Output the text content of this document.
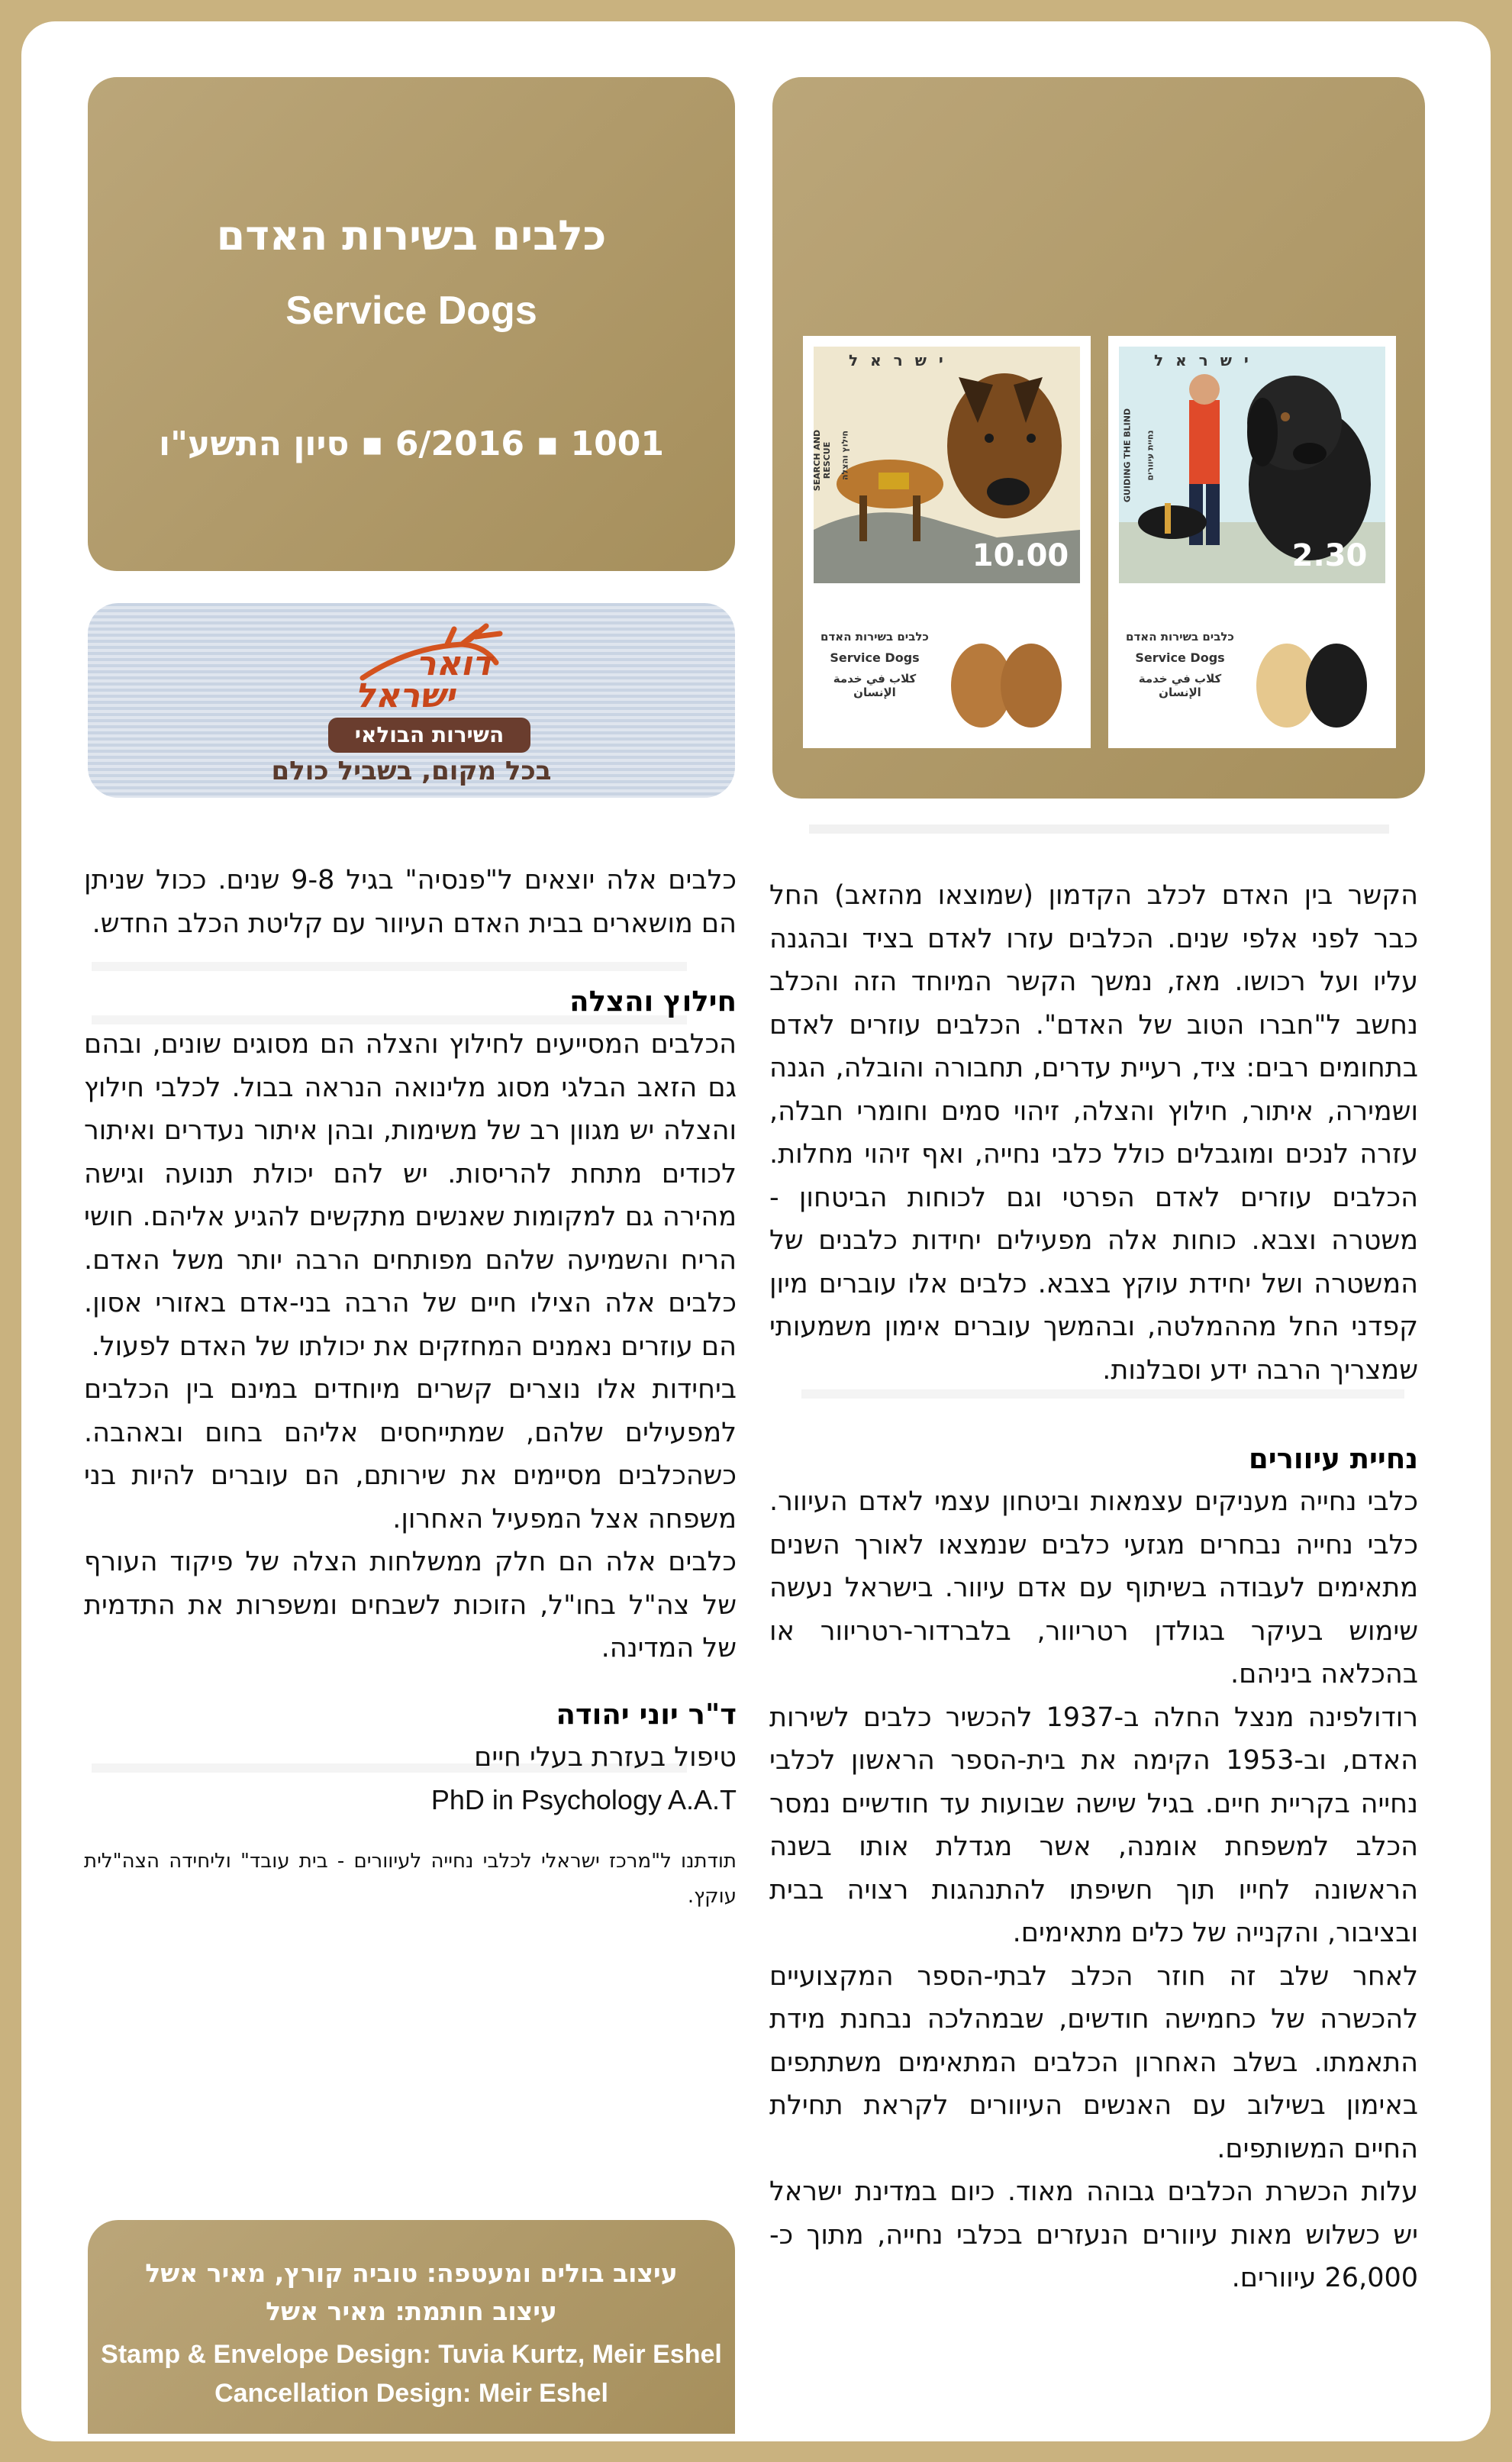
כלבים בשירות האדם
Service Dogs
1001 ▪ 6/2016 ▪ סיון התשע"ו
דואר
ישראל
השירות הבולאי
בכל מקום, בשביל כולם
ישראל
GUIDING THE BLIND נחיית עיוורים
2.30
כלבים בשירות האדם
Service Dogs
كلاب في خدمة الإنسان
ישראל
SEARCH AND RESCUE חילוץ והצלה
10.00
כלבים בשירות האדם
Service Dogs
كلاب في خدمة الإنسان

הקשר בין האדם לכלב הקדמון (שמוצאו מהזאב) החל כבר לפני אלפי שנים. הכלבים עזרו לאדם בציד ובהגנה עליו ועל רכושו. מאז, נמשך הקשר המיוחד הזה והכלב נחשב ל"חברו הטוב של האדם". הכלבים עוזרים לאדם בתחומים רבים: ציד, רעיית עדרים, תחבורה והובלה, הגנה ושמירה, איתור, חילוץ והצלה, זיהוי סמים וחומרי חבלה, עזרה לנכים ומוגבלים כולל כלבי נחייה, ואף זיהוי מחלות. הכלבים עוזרים לאדם הפרטי וגם לכוחות הביטחון - משטרה וצבא. כוחות אלה מפעילים יחידות כלבנים של המשטרה ושל יחידת עוקץ בצבא. כלבים אלו עוברים מיון קפדני החל מההמלטה, ובהמשך עוברים אימון משמעותי שמצריך הרבה ידע וסבלנות.

נחיית עיוורים

כלבי נחייה מעניקים עצמאות וביטחון עצמי לאדם העיוור. כלבי נחייה נבחרים מגזעי כלבים שנמצאו לאורך השנים מתאימים לעבודה בשיתוף עם אדם עיוור. בישראל נעשה שימוש בעיקר בגולדן רטריוור, בלברדור-רטריוור או בהכלאה ביניהם.

רודולפינה מנצל החלה ב-1937 להכשיר כלבים לשירות האדם, וב-1953 הקימה את בית-הספר הראשון לכלבי נחייה בקריית חיים. בגיל שישה שבועות עד חודשיים נמסר הכלב למשפחת אומנה, אשר מגדלת אותו בשנה הראשונה לחייו תוך חשיפתו להתנהגות רצויה בבית ובציבור, והקנייה של כלים מתאימים.

לאחר שלב זה חוזר הכלב לבתי-הספר המקצועיים להכשרה של כחמישה חודשים, שבמהלכה נבחנת מידת התאמתו. בשלב האחרון הכלבים המתאימים משתתפים באימון בשילוב עם האנשים העיוורים לקראת תחילת החיים המשותפים.

עלות הכשרת הכלבים גבוהה מאוד. כיום במדינת ישראל יש כשלוש מאות עיוורים הנעזרים בכלבי נחייה, מתוך כ- 26,000 עיוורים.

כלבים אלה יוצאים ל"פנסיה" בגיל 9-8 שנים. ככול שניתן הם מושארים בבית האדם העיוור עם קליטת הכלב החדש.

חילוץ והצלה

הכלבים המסייעים לחילוץ והצלה הם מסוגים שונים, ובהם גם הזאב הבלגי מסוג מלינואה הנראה בבול. לכלבי חילוץ והצלה יש מגוון רב של משימות, ובהן איתור נעדרים ואיתור לכודים מתחת להריסות. יש להם יכולת תנועה וגישה מהירה גם למקומות שאנשים מתקשים להגיע אליהם. חושי הריח והשמיעה שלהם מפותחים הרבה יותר משל האדם. כלבים אלה הצילו חיים של הרבה בני-אדם באזורי אסון. הם עוזרים נאמנים המחזקים את יכולתו של האדם לפעול.

ביחידות אלו נוצרים קשרים מיוחדים במינם בין הכלבים למפעילים שלהם, שמתייחסים אליהם בחום ובאהבה. כשהכלבים מסיימים את שירותם, הם עוברים להיות בני משפחה אצל המפעיל האחרון.

כלבים אלה הם חלק ממשלחות הצלה של פיקוד העורף של צה"ל בחו"ל, הזוכות לשבחים ומשפרות את התדמית של המדינה.

ד"ר יוני יהודה

טיפול בעזרת בעלי חיים

PhD in Psychology A.A.T

תודתנו ל"מרכז ישראלי לכלבי נחייה לעיוורים - בית עובד" וליחידה הצה"לית עוקץ.

עיצוב בולים ומעטפה: טוביה קורץ, מאיר אשל
עיצוב חותמת: מאיר אשל
Stamp & Envelope Design: Tuvia Kurtz, Meir Eshel
Cancellation Design: Meir Eshel
